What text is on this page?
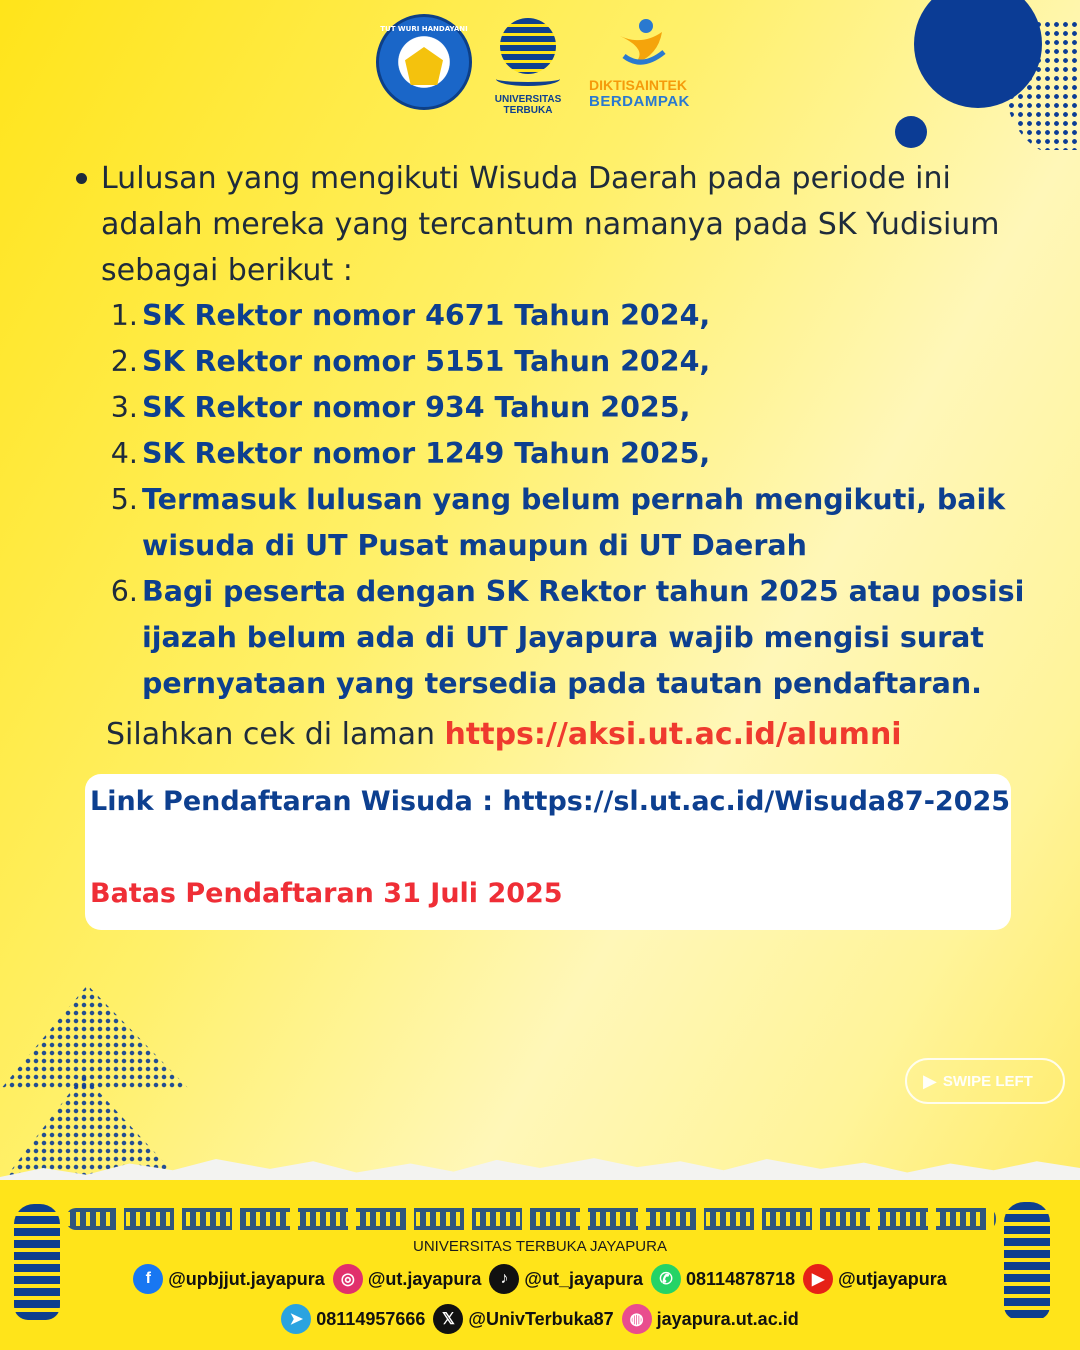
TUT WURI HANDAYANI
UNIVERSITAS TERBUKA
DIKTISAINTEK
BERDAMPAK

Lulusan yang mengikuti Wisuda Daerah pada periode ini adalah mereka yang tercantum namanya pada SK Yudisium sebagai berikut :

1. SK Rektor nomor 4671 Tahun 2024,
2. SK Rektor nomor 5151 Tahun 2024,
3. SK Rektor nomor 934 Tahun 2025,
4. SK Rektor nomor 1249 Tahun 2025,
5. Termasuk lulusan yang belum pernah mengikuti, baik wisuda di UT Pusat maupun di UT Daerah
6. Bagi peserta dengan SK Rektor tahun 2025 atau posisi ijazah belum ada di UT Jayapura wajib mengisi surat pernyataan yang tersedia pada tautan pendaftaran.

Silahkan cek di laman https://aksi.ut.ac.id/alumni

Link Pendaftaran Wisuda : https://sl.ut.ac.id/Wisuda87-2025
Batas Pendaftaran 31 Juli 2025
▶ SWIPE LEFT
UNIVERSITAS TERBUKA JAYAPURA
f @upbjjut.jayapura	◎ @ut.jayapura	♪ @ut_jayapura	✆ 08114878718	▶ @utjayapura
➤ 08114957666	𝕏 @UnivTerbuka87	◍ jayapura.ut.ac.id
